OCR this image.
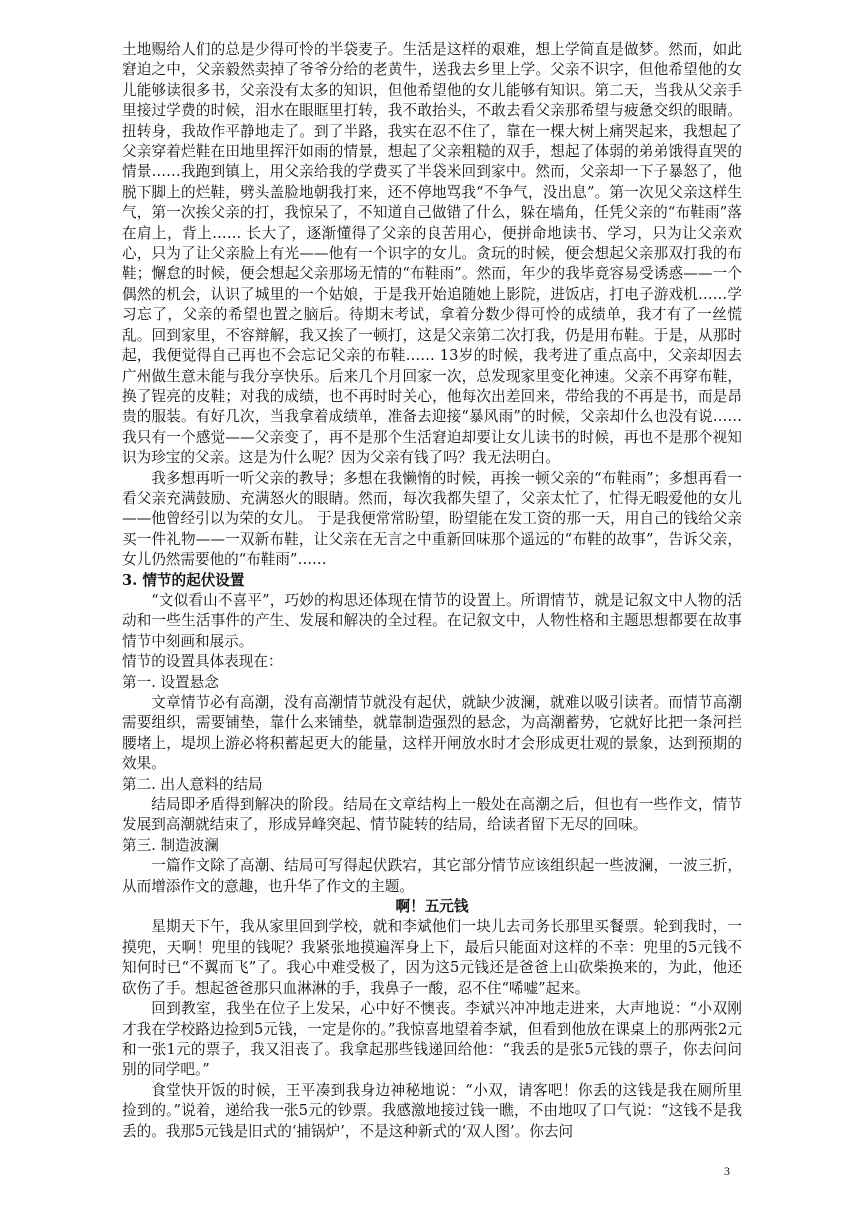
土地赐给人们的总是少得可怜的半袋麦子。生活是这样的艰难，想上学简直是做梦。然而，如此窘迫之中，父亲毅然卖掉了爷爷分给的老黄牛，送我去乡里上学。父亲不识字，但他希望他的女儿能够读很多书，父亲没有太多的知识，但他希望他的女儿能够有知识。第二天，当我从父亲手里接过学费的时候，泪水在眼眶里打转，我不敢抬头，不敢去看父亲那希望与疲惫交织的眼睛。扭转身，我故作平静地走了。到了半路，我实在忍不住了，靠在一棵大树上痛哭起来，我想起了父亲穿着烂鞋在田地里挥汗如雨的情景，想起了父亲粗糙的双手，想起了体弱的弟弟饿得直哭的情景……我跑到镇上，用父亲给我的学费买了半袋米回到家中。然而，父亲却一下子暴怒了，他脱下脚上的烂鞋，劈头盖脸地朝我打来，还不停地骂我“不争气，没出息”。第一次见父亲这样生气，第一次挨父亲的打，我惊呆了，不知道自己做错了什么，躲在墙角，任凭父亲的“布鞋雨”落在肩上，背上…… 长大了，逐渐懂得了父亲的良苦用心，便拼命地读书、学习，只为让父亲欢心，只为了让父亲脸上有光——他有一个识字的女儿。贪玩的时候，便会想起父亲那双打我的布鞋；懈怠的时候，便会想起父亲那场无情的“布鞋雨”。然而，年少的我毕竟容易受诱惑——一个偶然的机会，认识了城里的一个姑娘，于是我开始追随她上影院，进饭店，打电子游戏机……学习忘了，父亲的希望也置之脑后。待期末考试，拿着分数少得可怜的成绩单，我才有了一丝慌乱。回到家里，不容辩解，我又挨了一顿打，这是父亲第二次打我，仍是用布鞋。于是，从那时起，我便觉得自己再也不会忘记父亲的布鞋…… 13岁的时候，我考进了重点高中，父亲却因去广州做生意未能与我分享快乐。后来几个月回家一次，总发现家里变化神速。父亲不再穿布鞋，换了锃亮的皮鞋；对我的成绩，也不再时时关心，他每次出差回来，带给我的不再是书，而是昂贵的服装。有好几次，当我拿着成绩单，准备去迎接“暴风雨”的时候，父亲却什么也没有说……我只有一个感觉——父亲变了，再不是那个生活窘迫却要让女儿读书的时候，再也不是那个视知识为珍宝的父亲。这是为什么呢？因为父亲有钱了吗？我无法明白。

我多想再听一听父亲的教导；多想在我懒惰的时候，再挨一顿父亲的“布鞋雨”；多想再看一看父亲充满鼓励、充满怒火的眼睛。然而，每次我都失望了，父亲太忙了，忙得无暇爱他的女儿——他曾经引以为荣的女儿。 于是我便常常盼望，盼望能在发工资的那一天，用自己的钱给父亲买一件礼物——一双新布鞋，让父亲在无言之中重新回味那个遥远的“布鞋的故事”，告诉父亲，女儿仍然需要他的“布鞋雨”……

3. 情节的起伏设置

“文似看山不喜平”，巧妙的构思还体现在情节的设置上。所谓情节，就是记叙文中人物的活动和一些生活事件的产生、发展和解决的全过程。在记叙文中，人物性格和主题思想都要在故事情节中刻画和展示。

情节的设置具体表现在：

第一. 设置悬念

文章情节必有高潮，没有高潮情节就没有起伏，就缺少波澜，就难以吸引读者。而情节高潮需要组织，需要铺垫，靠什么来铺垫，就靠制造强烈的悬念，为高潮蓄势，它就好比把一条河拦腰堵上，堤坝上游必将积蓄起更大的能量，这样开闸放水时才会形成更壮观的景象，达到预期的效果。

第二. 出人意料的结局

结局即矛盾得到解决的阶段。结局在文章结构上一般处在高潮之后，但也有一些作文，情节发展到高潮就结束了，形成异峰突起、情节陡转的结局，给读者留下无尽的回味。

第三. 制造波澜

一篇作文除了高潮、结局可写得起伏跌宕，其它部分情节应该组织起一些波澜，一波三折，从而增添作文的意趣，也升华了作文的主题。

啊！五元钱

星期天下午，我从家里回到学校，就和李斌他们一块儿去司务长那里买餐票。轮到我时，一摸兜，天啊！兜里的钱呢？我紧张地摸遍浑身上下，最后只能面对这样的不幸：兜里的5元钱不知何时已“不翼而飞”了。我心中难受极了，因为这5元钱还是爸爸上山砍柴换来的，为此，他还砍伤了手。想起爸爸那只血淋淋的手，我鼻子一酸，忍不住“唏嘘”起来。

回到教室，我坐在位子上发呆，心中好不懊丧。李斌兴冲冲地走进来，大声地说：“小双刚才我在学校路边捡到5元钱，一定是你的。”我惊喜地望着李斌，但看到他放在课桌上的那两张2元和一张1元的票子，我又泪丧了。我拿起那些钱递回给他：“我丢的是张5元钱的票子，你去问问别的同学吧。”

食堂快开饭的时候，王平凑到我身边神秘地说：“小双，请客吧！你丢的这钱是我在厕所里捡到的。”说着，递给我一张5元的钞票。我感激地接过钱一瞧，不由地叹了口气说：“这钱不是我丢的。我那5元钱是旧式的‘捕锅炉’，不是这种新式的‘双人图’。你去问

3
